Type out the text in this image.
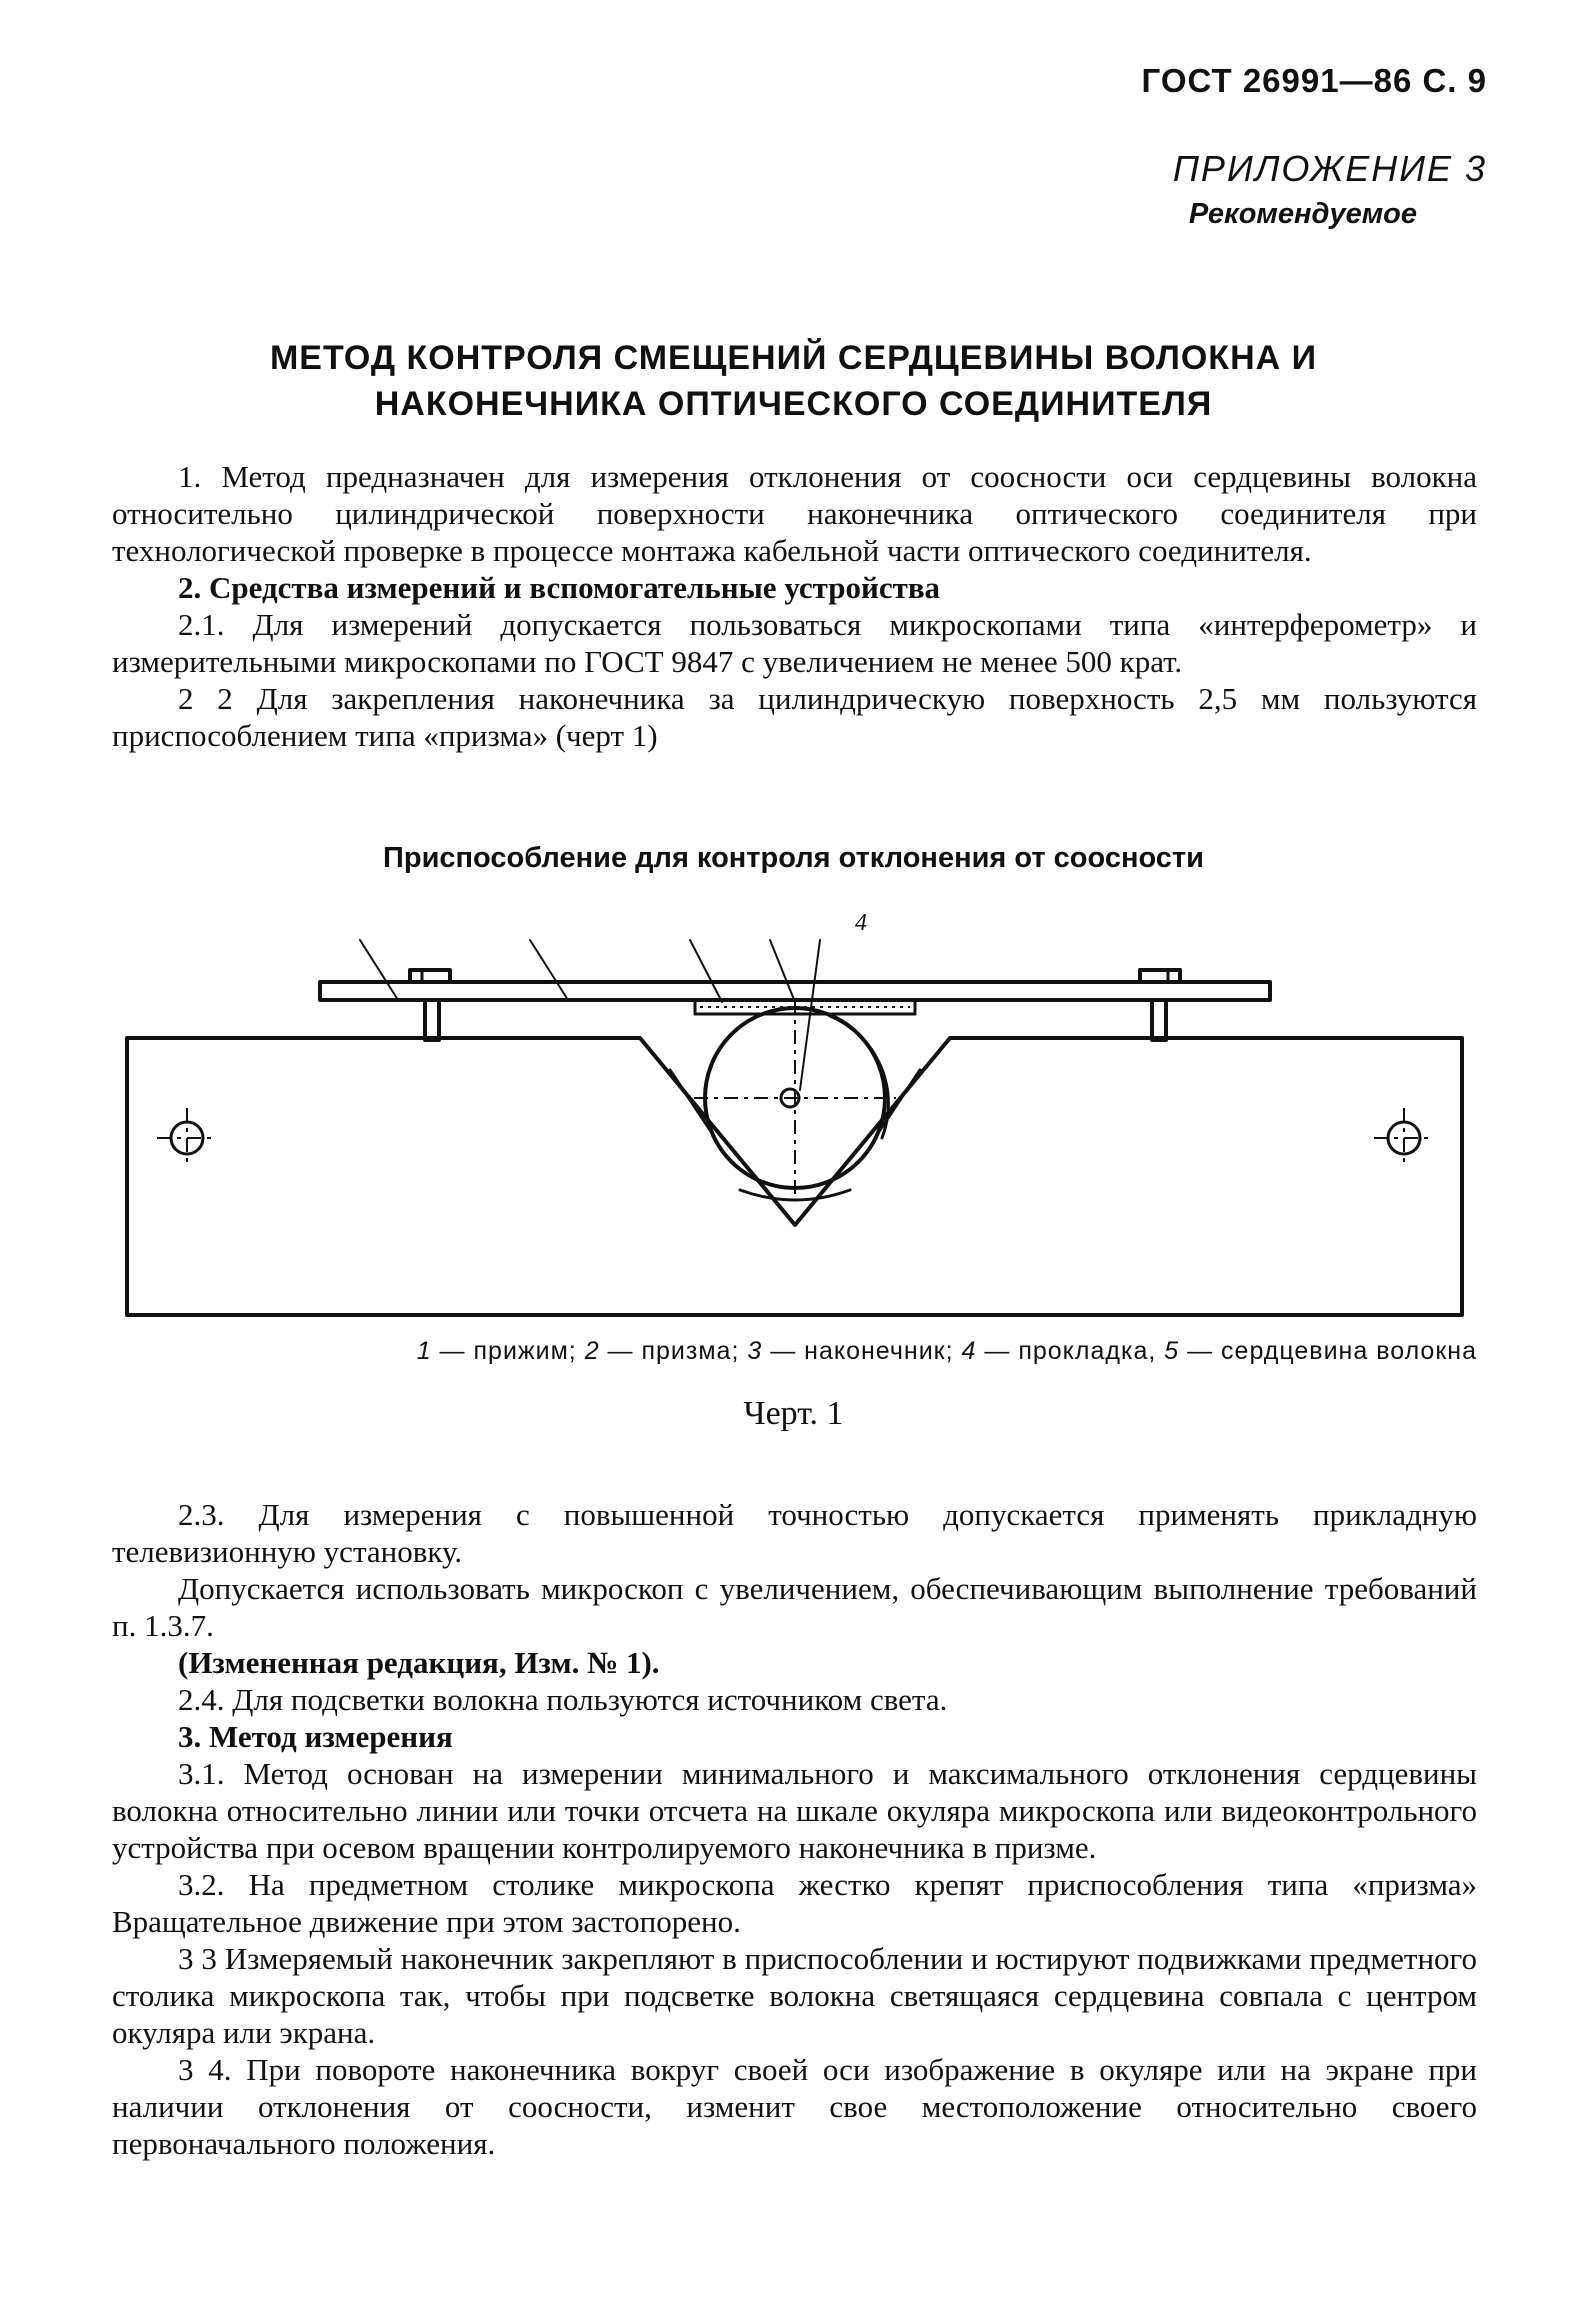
ГОСТ 26991—86 С. 9
ПРИЛОЖЕНИЕ 3
Рекомендуемое
МЕТОД КОНТРОЛЯ СМЕЩЕНИЙ СЕРДЦЕВИНЫ ВОЛОКНА И
НАКОНЕЧНИКА ОПТИЧЕСКОГО СОЕДИНИТЕЛЯ

1. Метод предназначен для измерения отклонения от соосности оси сердцевины волокна относительно цилиндрической поверхности наконечника оптического соединителя при технологической проверке в процессе монтажа кабельной части оптического соединителя.

2. Средства измерений и вспомогательные устройства

2.1. Для измерений допускается пользоваться микроскопами типа «интерферометр» и измерительными микроскопами по ГОСТ 9847 с увеличением не менее 500 крат.

2 2 Для закрепления наконечника за цилиндрическую поверхность 2,5 мм пользуются приспособлением типа «призма» (черт 1)

Приспособление для контроля отклонения от соосности
4
1 — прижим; 2 — призма; 3 — наконечник; 4 — прокладка, 5 — сердцевина волокна
Черт. 1

2.3. Для измерения с повышенной точностью допускается применять прикладную телевизионную установку.

Допускается использовать микроскоп с увеличением, обеспечивающим выполнение требований п. 1.3.7.

(Измененная редакция, Изм. № 1).

2.4. Для подсветки волокна пользуются источником света.

3. Метод измерения

3.1. Метод основан на измерении минимального и максимального отклонения сердцевины волокна относительно линии или точки отсчета на шкале окуляра микроскопа или видеоконтрольного устройства при осевом вращении контролируемого наконечника в призме.

3.2. На предметном столике микроскопа жестко крепят приспособления типа «призма» Вращательное движение при этом застопорено.

3 3 Измеряемый наконечник закрепляют в приспособлении и юстируют подвижками предметного столика микроскопа так, чтобы при подсветке волокна светящаяся сердцевина совпала с центром окуляра или экрана.

3 4. При повороте наконечника вокруг своей оси изображение в окуляре или на экране при наличии отклонения от соосности, изменит свое местоположение относительно своего первоначального положения.
